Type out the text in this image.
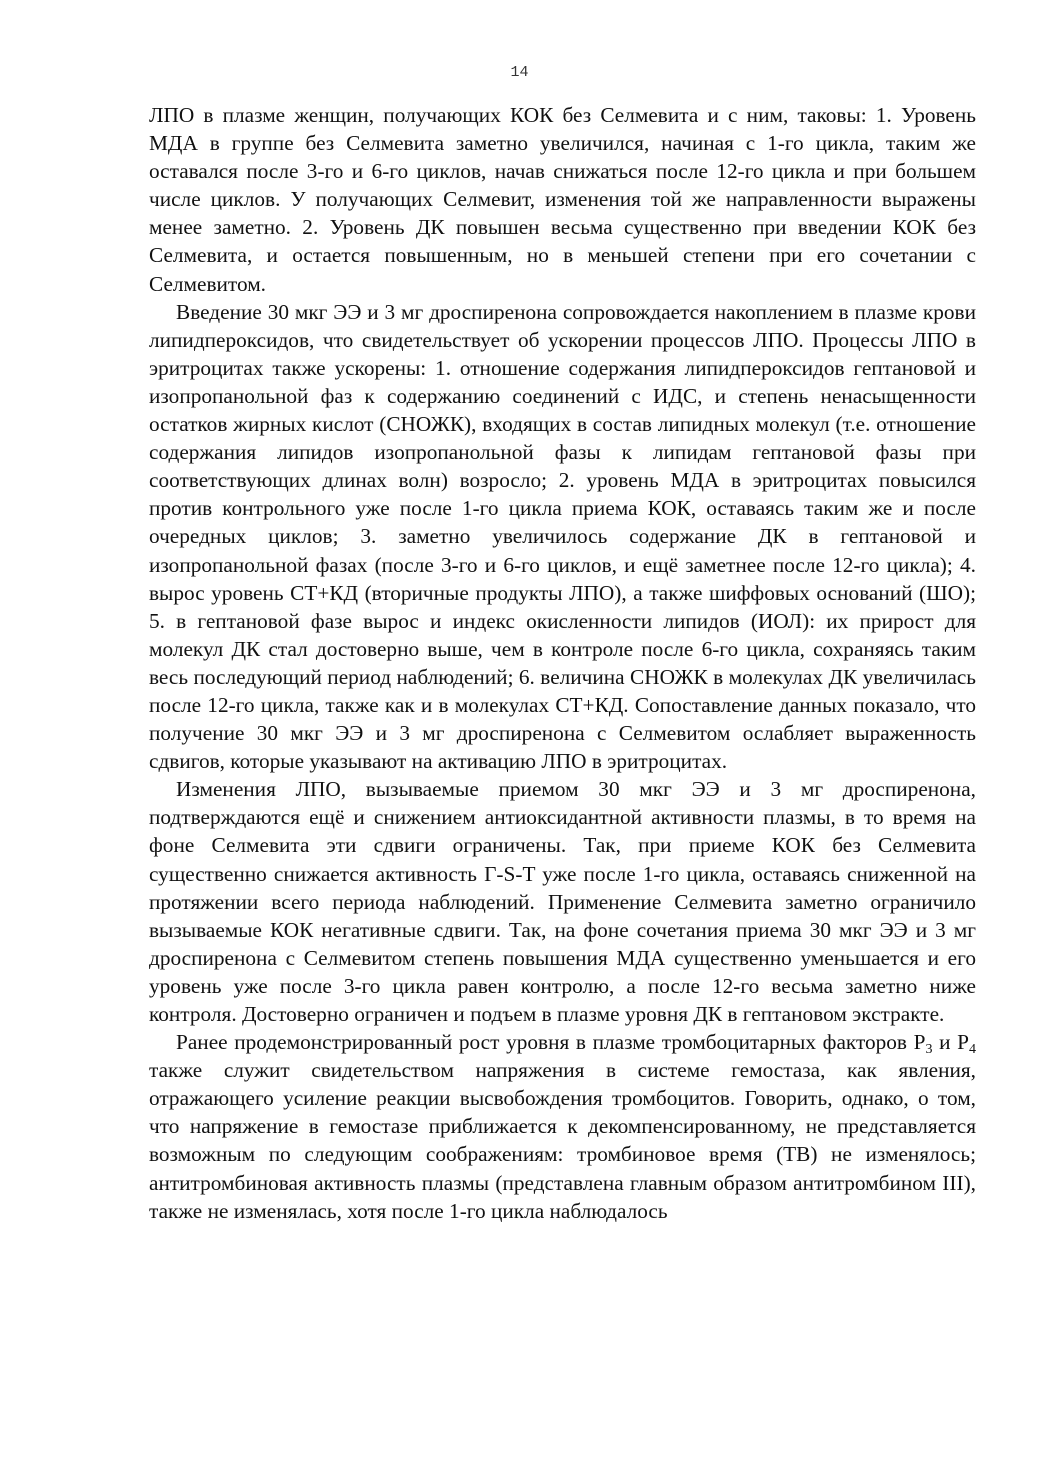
14

ЛПО в плазме женщин, получающих КОК без Селмевита и с ним, таковы: 1. Уровень МДА в группе без Селмевита заметно увеличился, начиная с 1-го цикла, таким же оставался после 3-го и 6-го циклов, начав снижаться после 12-го цикла и при большем числе циклов. У получающих Селмевит, изменения той же направленности выражены менее заметно. 2. Уровень ДК повышен весьма существенно при введении КОК без Селмевита, и остается повышенным, но в меньшей степени при его сочетании с Селмевитом.

Введение 30 мкг ЭЭ и 3 мг дроспиренона сопровождается накоплением в плазме крови липидпероксидов, что свидетельствует об ускорении процессов ЛПО. Процессы ЛПО в эритроцитах также ускорены: 1. отношение содержания липидпероксидов гептановой и изопропанольной фаз к содержанию соединений с ИДС, и степень ненасыщенности остатков жирных кислот (СНОЖК), входящих в состав липидных молекул (т.е. отношение содержания липидов изопропанольной фазы к липидам гептановой фазы при соответствующих длинах волн) возросло; 2. уровень МДА в эритроцитах повысился против контрольного уже после 1-го цикла приема КОК, оставаясь таким же и после очередных циклов; 3. заметно увеличилось содержание ДК в гептановой и изопропанольной фазах (после 3-го и 6-го циклов, и ещё заметнее после 12-го цикла); 4. вырос уровень СТ+КД (вторичные продукты ЛПО), а также шиффовых оснований (ШО); 5. в гептановой фазе вырос и индекс окисленности липидов (ИОЛ): их прирост для молекул ДК стал достоверно выше, чем в контроле после 6-го цикла, сохраняясь таким весь последующий период наблюдений; 6. величина СНОЖК в молекулах ДК увеличилась после 12-го цикла, также как и в молекулах СТ+КД. Сопоставление данных показало, что получение 30 мкг ЭЭ и 3 мг дроспиренона с Селмевитом ослабляет выраженность сдвигов, которые указывают на активацию ЛПО в эритроцитах.

Изменения ЛПО, вызываемые приемом 30 мкг ЭЭ и 3 мг дроспиренона, подтверждаются ещё и снижением антиоксидантной активности плазмы, в то время на фоне Селмевита эти сдвиги ограничены. Так, при приеме КОК без Селмевита существенно снижается активность Г-S-T уже после 1-го цикла, оставаясь сниженной на протяжении всего периода наблюдений. Применение Селмевита заметно ограничило вызываемые КОК негативные сдвиги. Так, на фоне сочетания приема 30 мкг ЭЭ и 3 мг дроспиренона с Селмевитом степень повышения МДА существенно уменьшается и его уровень уже после 3-го цикла равен контролю, а после 12-го весьма заметно ниже контроля. Достоверно ограничен и подъем в плазме уровня ДК в гептановом экстракте.

Ранее продемонстрированный рост уровня в плазме тромбоцитарных факторов $Р_3$ и $Р_4$ также служит свидетельством напряжения в системе гемостаза, как явления, отражающего усиление реакции высвобождения тромбоцитов. Говорить, однако, о том, что напряжение в гемостазе приближается к декомпенсированному, не представляется возможным по следующим соображениям: тромбиновое время (ТВ) не изменялось; антитромбиновая активность плазмы (представлена главным образом антитромбином III), также не изменялась, хотя после 1-го цикла наблюдалось
